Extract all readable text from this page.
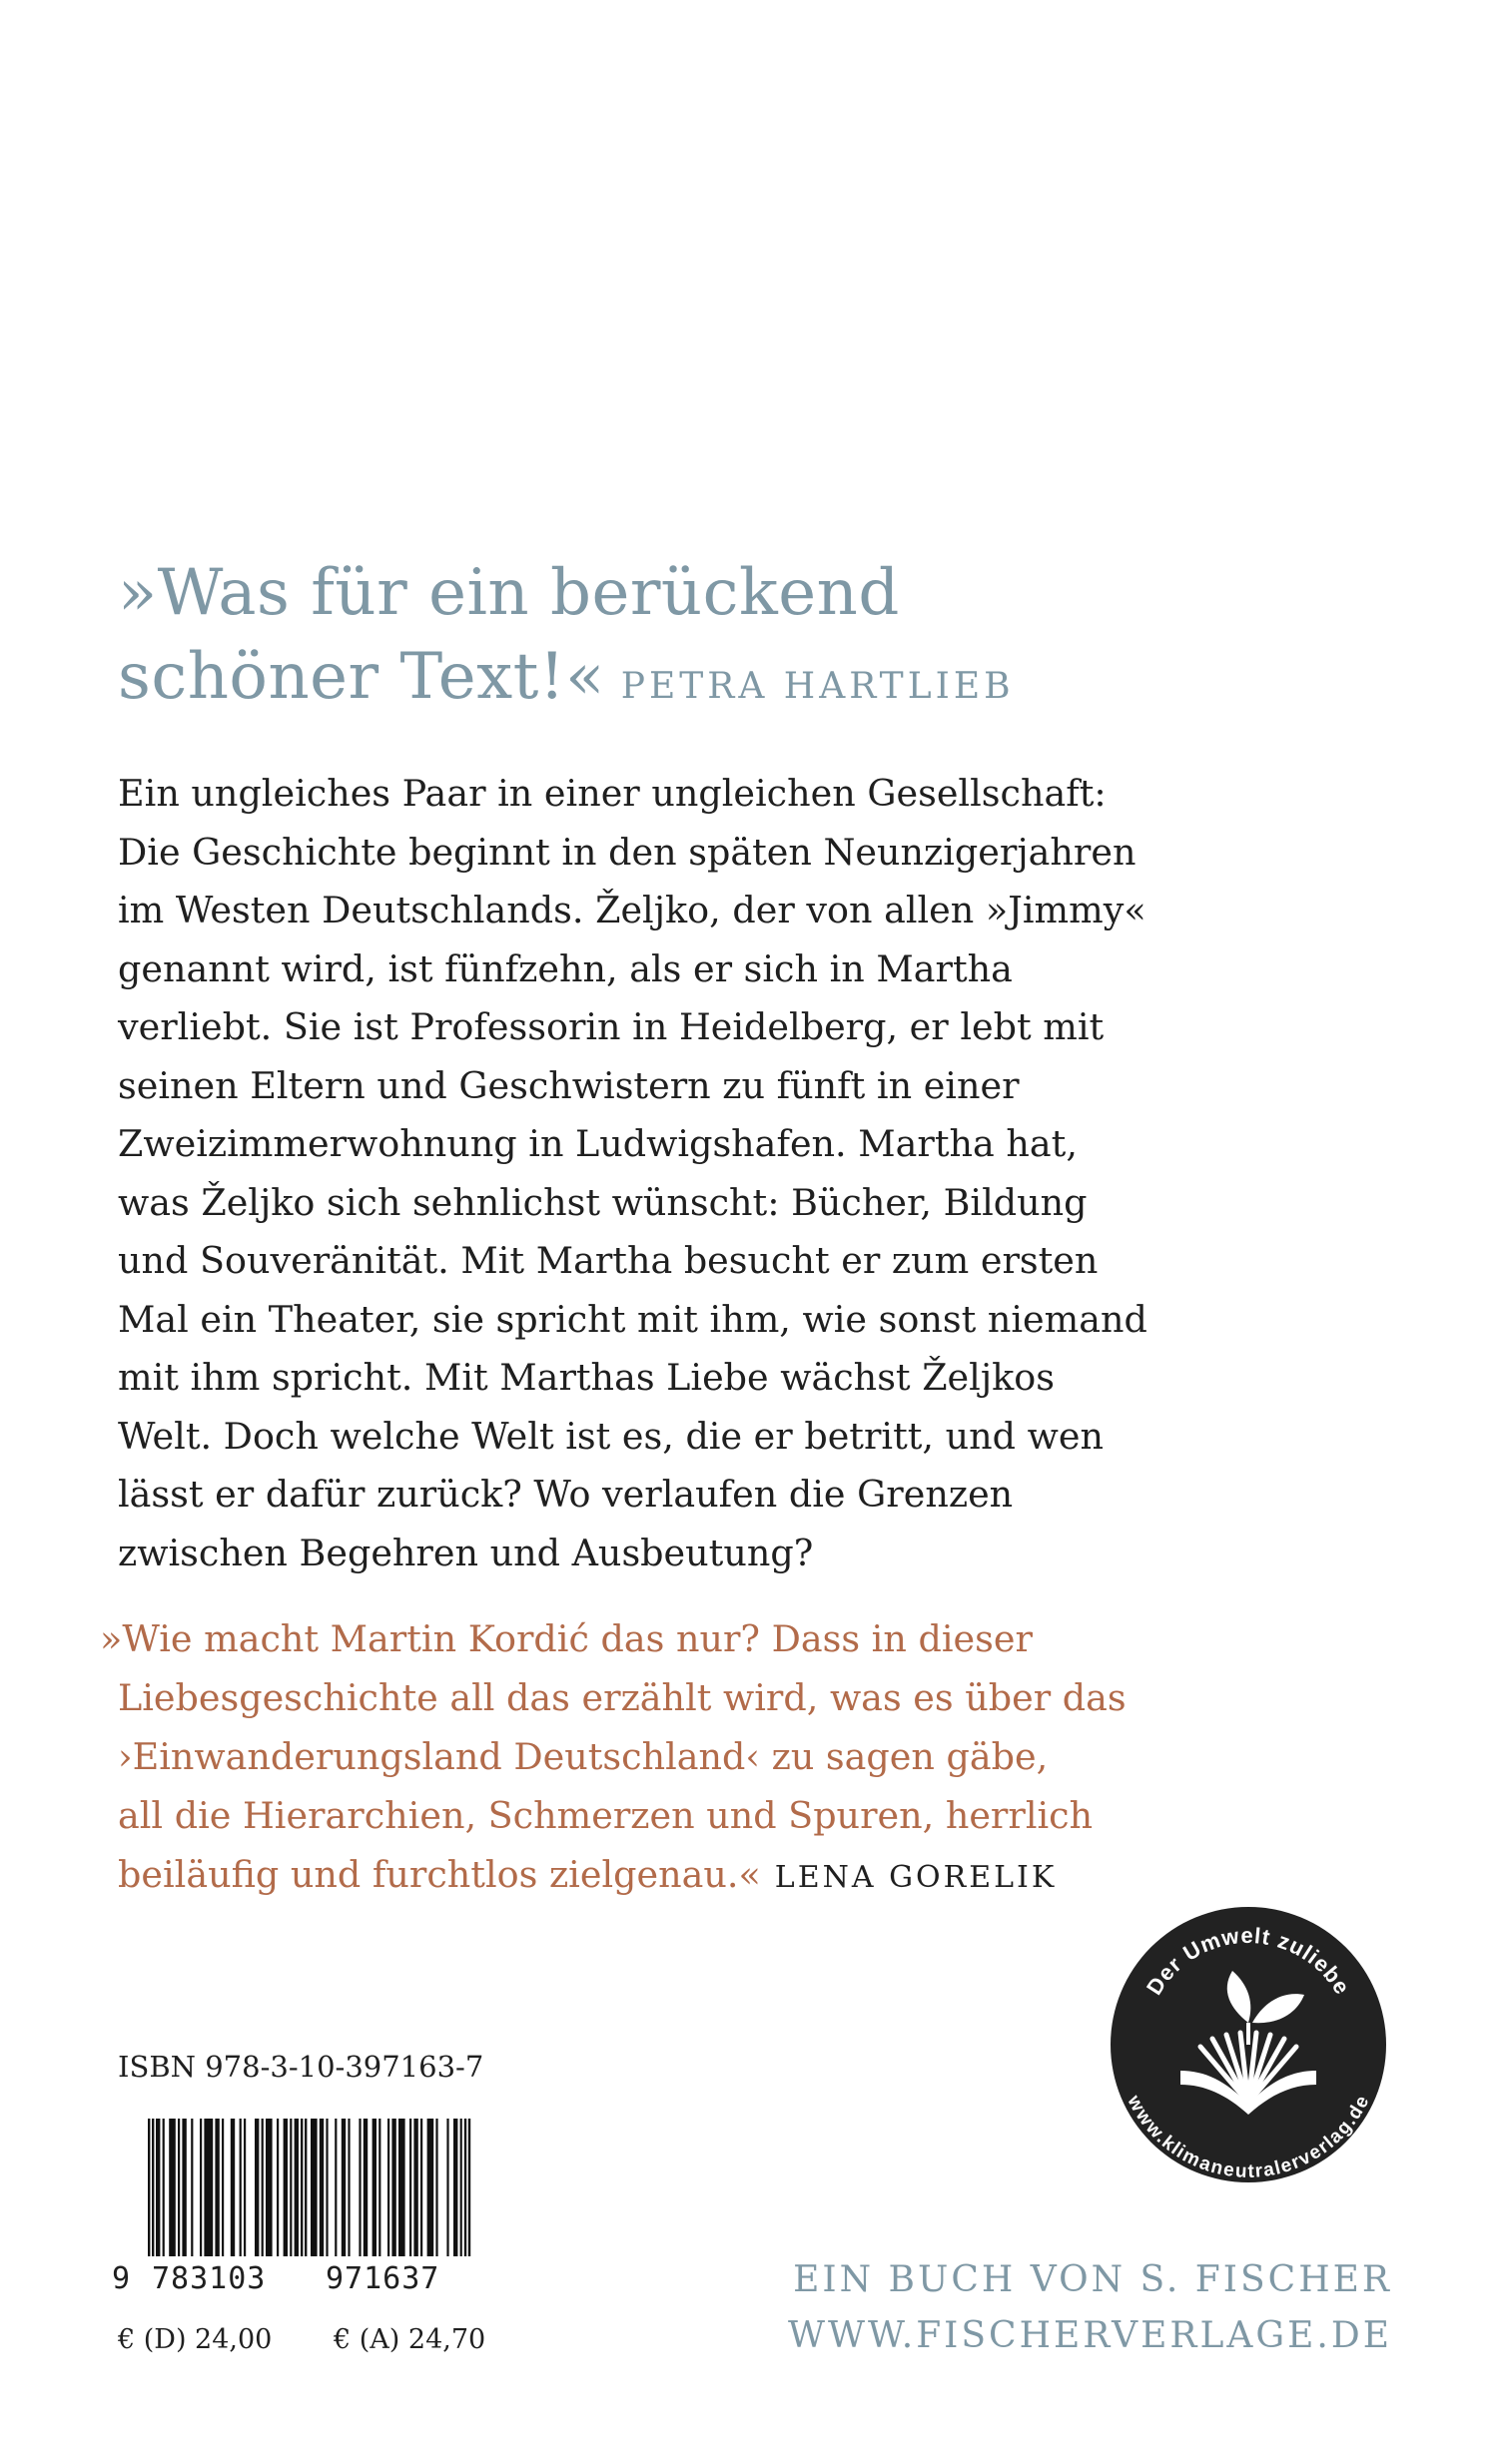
»Was für ein berückend
schöner Text!« PETRA HARTLIEB
Ein ungleiches Paar in einer ungleichen Gesellschaft:
Die Geschichte beginnt in den späten Neunzigerjahren
im Westen Deutschlands. Željko, der von allen »Jimmy«
genannt wird, ist fünfzehn, als er sich in Martha
verliebt. Sie ist Professorin in Heidelberg, er lebt mit
seinen Eltern und Geschwistern zu fünft in einer
Zweizimmerwohnung in Ludwigshafen. Martha hat,
was Željko sich sehnlichst wünscht: Bücher, Bildung
und Souveränität. Mit Martha besucht er zum ersten
Mal ein Theater, sie spricht mit ihm, wie sonst niemand
mit ihm spricht. Mit Marthas Liebe wächst Željkos
Welt. Doch welche Welt ist es, die er betritt, und wen
lässt er dafür zurück? Wo verlaufen die Grenzen
zwischen Begehren und Ausbeutung?
»Wie macht Martin Kordić das nur? Dass in dieser
Liebesgeschichte all das erzählt wird, was es über das
›Einwanderungsland Deutschland‹ zu sagen gäbe,
all die Hierarchien, Schmerzen und Spuren, herrlich
beiläufig und furchtlos zielgenau.« LENA GORELIK
ISBN 978-3-10-397163-7
9 783103 971637
€ (D) 24,00 € (A) 24,70
Der Umwelt zuliebe
www.klimaneutralerverlag.de
EIN BUCH VON S. FISCHER
WWW.FISCHERVERLAGE.DE
